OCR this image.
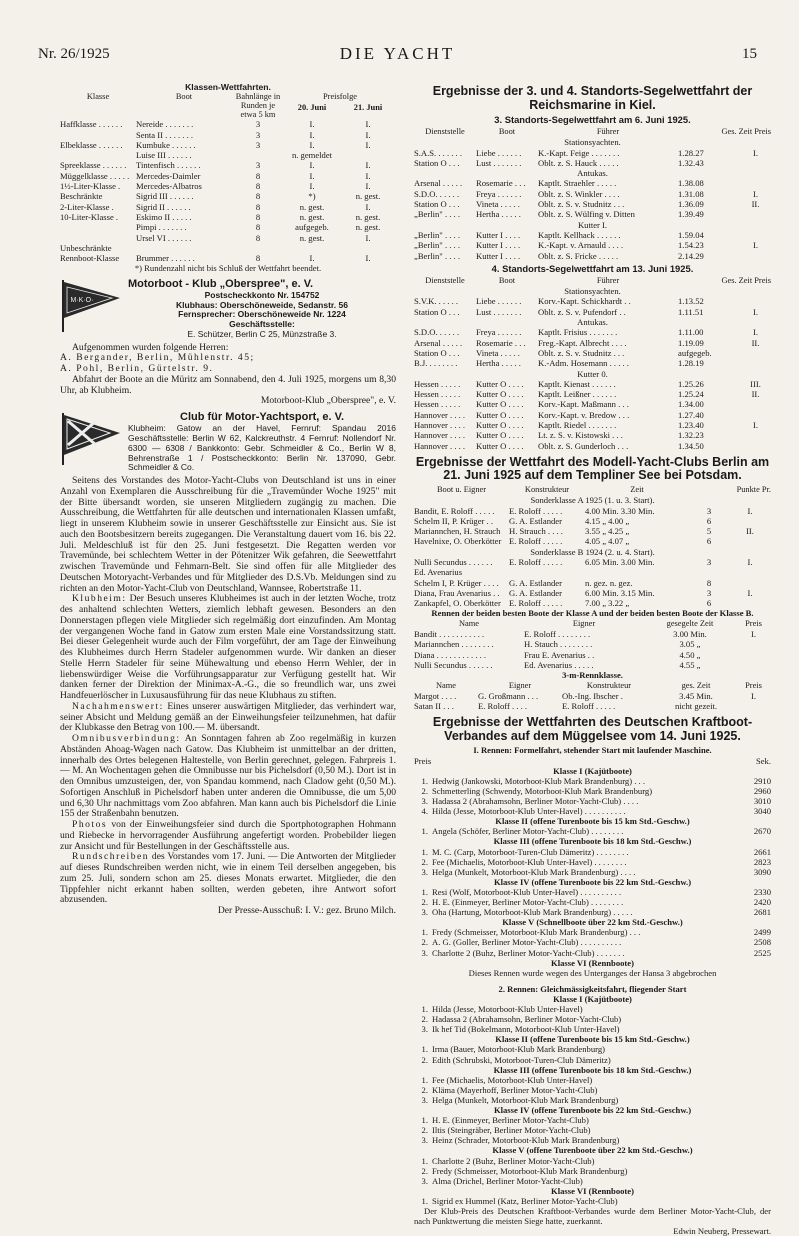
Nr. 26/1925	DIE YACHT	15
Klassen-Wettfahrten.
Klasse	Boot	Bahnlänge in Runden je etwa 5 km	Preisfolge
20. Juni 21. Juni	

Haffklasse . . . . . .	Nereide . . . . . . .	3	I.	I.
	Senta II . . . . . . .	3	I.	I.
Elbeklasse . . . . . .	Kumbuke . . . . . .	3	I.	I.
	Luise III . . . . . .		n. gemeldet	
Spreeklasse . . . . . .	Tintenfisch . . . . . .	3	I.	I.
Müggelklasse . . . . .	Mercedes-Daimler	8	I.	I.
1½-Liter-Klasse .	Mercedes-Albatros	8	I.	I.
Beschränkte	Sigrid III . . . . . .	8	*)	n. gest.
2-Liter-Klasse .	Sigrid II . . . . . .	8	n. gest.	I.
10-Liter-Klasse .	Eskimo II . . . . .	8	n. gest.	n. gest.
	Pimpi . . . . . . .	8	aufgegeb.	n. gest.
	Ursel VI . . . . . .	8	n. gest.	I.
Unbeschränkte				
Rennboot-Klasse	Brummer . . . . . .	8	I.	I.
*) Rundenzahl nicht bis Schluß der Wettfahrt beendet.
M·K·O·
Motorboot - Klub „Oberspree", e. V.
Postscheckkonto Nr. 154752
Klubhaus: Oberschöneweide, Sedanstr. 56
Fernsprecher: Oberschöneweide Nr. 1224
Geschäftsstelle:
E. Schützer, Berlin C 25, Münzstraße 3.

Aufgenommen wurden folgende Herren:

A. Bergander, Berlin, Mühlenstr. 45;

A. Pohl, Berlin, Gürtelstr. 9.

Abfahrt der Boote an die Müritz am Sonnabend, den 4. Juli 1925, morgens um 8,30 Uhr, ab Klubheim.

Motorboot-Klub „Oberspree", e. V.

Club für Motor-Yachtsport, e. V.
Klubheim: Gatow an der Havel, Fernruf: Spandau 2016 Geschäftsstelle: Berlin W 62, Kalckreuthstr. 4 Fernruf: Nollendorf Nr. 6300 — 6308 / Bankkonto: Gebr. Schmeidler & Co., Berlin W 8, Behrenstraße 1 / Postscheckkonto: Berlin Nr. 137090, Gebr. Schmeidler & Co.

Seitens des Vorstandes des Motor-Yacht-Clubs von Deutschland ist uns in einer Anzahl von Exemplaren die Ausschreibung für die „Travemünder Woche 1925" mit der Bitte übersandt worden, sie unseren Mitgliedern zugängig zu machen. Die Ausschreibung, die Wettfahrten für alle deutschen und internationalen Klassen umfaßt, liegt in unserem Klubheim sowie in unserer Geschäftsstelle zur Einsicht aus. Sie ist auch den Bootsbesitzern bereits zugegangen. Die Veranstaltung dauert vom 16. bis 22. Juli. Meldeschluß ist für den 25. Juni festgesetzt. Die Regatten werden vor Travemünde, bei schlechtem Wetter in der Pötenitzer Wik gefahren, die Seewettfahrt zwischen Travemünde und Fehmarn-Belt. Sie sind offen für alle Mitglieder des Deutschen Motoryacht-Verbandes und für Mitglieder des D.S.Vb. Meldungen sind zu richten an den Motor-Yacht-Club von Deutschland, Wannsee, Robertstraße 11.

Klubheim: Der Besuch unseres Klubheimes ist auch in der letzten Woche, trotz des anhaltend schlechten Wetters, ziemlich lebhaft gewesen. Besonders an den Donnerstagen pflegen viele Mitglieder sich regelmäßig dort einzufinden. Am Montag der vergangenen Woche fand in Gatow zum ersten Male eine Vorstandssitzung statt. Bei dieser Gelegenheit wurde auch der Film vorgeführt, der am Tage der Einweihung des Klubheimes durch Herrn Stadeler aufgenommen wurde. Wir danken an dieser Stelle Herrn Stadeler für seine Mühewaltung und ebenso Herrn Wehler, der in liebenswürdiger Weise die Vorführungsapparatur zur Verfügung gestellt hat. Wir danken ferner der Direktion der Minimax-A.-G., die so freundlich war, uns zwei Handfeuerlöscher in Luxusausführung für das neue Klubhaus zu stiften.

Nachahmenswert: Eines unserer auswärtigen Mitglieder, das verhindert war, seiner Absicht und Meldung gemäß an der Einweihungsfeier teilzunehmen, hat dafür der Klubkasse den Betrag von 100.— M. übersandt.

Omnibusverbindung: An Sonntagen fahren ab Zoo regelmäßig in kurzen Abständen Ahoag-Wagen nach Gatow. Das Klubheim ist unmittelbar an der dritten, innerhalb des Ortes belegenen Haltestelle, von Berlin gerechnet, gelegen. Fahrpreis 1.— M. An Wochentagen gehen die Omnibusse nur bis Pichelsdorf (0,50 M.). Dort ist in den Omnibus umzusteigen, der, von Spandau kommend, nach Cladow geht (0,50 M.). Sofortigen Anschluß in Pichelsdorf haben unter anderen die Omnibusse, die um 5,00 und 6,30 Uhr nachmittags vom Zoo abfahren. Man kann auch bis Pichelsdorf die Linie 155 der Straßenbahn benutzen.

Photos von der Einweihungsfeier sind durch die Sportphotographen Hohmann und Riebecke in hervorragender Ausführung angefertigt worden. Probebilder liegen zur Ansicht und für Bestellungen in der Geschäftsstelle aus.

Rundschreiben des Vorstandes vom 17. Juni. — Die Antworten der Mitglieder auf dieses Rundschreiben werden nicht, wie in einem Teil derselben angegeben, bis zum 25. Juli, sondern schon am 25. dieses Monats erwartet. Mitglieder, die den Tippfehler nicht erkannt haben sollten, werden gebeten, ihre Antwort sofort abzusenden.

Der Presse-Ausschuß: I. V.: gez. Bruno Milch.

Ergebnisse der 3. und 4. Standorts-Segelwettfahrt der Reichsmarine in Kiel.
3. Standorts-Segelwettfahrt am 6. Juni 1925.
Dienststelle	Boot	Führer	Ges. Zeit Preis	
Stationsyachten.				
S.A.S. . . . . . .	Liebe . . . . . .	K.-Kapt. Feige . . . . . . .	1.28.27	I.
Station O . . .	Lust . . . . . . .	Oblt. z. S. Hauck . . . . .	1.32.43	
Antukas.				
Arsenal . . . . .	Rosemarie . . .	Kaptlt. Straehler . . . . .	1.38.08	
S.D.O. . . . . .	Freya . . . . . .	Oblt. z. S. Winkler . . . .	1.31.08	I.
Station O . . .	Vineta . . . . .	Oblt. z. S. v. Studnitz . . .	1.36.09	II.
„Berlin" . . . .	Hertha . . . . .	Oblt. z. S. Wülfing v. Ditten	1.39.49	
Kutter I.				
„Berlin" . . . .	Kutter I . . . .	Kaptlt. Kellhack . . . . . .	1.59.04	
„Berlin" . . . .	Kutter I . . . .	K.-Kapt. v. Arnauld . . . .	1.54.23	I.
„Berlin" . . . .	Kutter I . . . .	Oblt. z. S. Fricke . . . . .	2.14.29	
4. Standorts-Segelwettfahrt am 13. Juni 1925.
Dienststelle	Boot	Führer	Ges. Zeit Preis	
Stationsyachten.				
S.V.K. . . . . .	Liebe . . . . . .	Korv.-Kapt. Schickhardt . .	1.13.52	
Station O . . .	Lust . . . . . . .	Oblt. z. S. v. Pufendorf . .	1.11.51	I.
Antukas.				
S.D.O. . . . . .	Freya . . . . . .	Kaptlt. Frisius . . . . . . .	1.11.00	I.
Arsenal . . . . .	Rosemarie . . .	Freg.-Kapt. Albrecht . . . .	1.19.09	II.
Station O . . .	Vineta . . . . .	Oblt. z. S. v. Studnitz . . .	aufgegeb.	
B.J. . . . . . . .	Hertha . . . . .	K.-Adm. Hosemann . . . . .	1.28.19	
Kutter 0.				
Hessen . . . . .	Kutter O . . . .	Kaptlt. Kienast . . . . . .	1.25.26	III.
Hessen . . . . .	Kutter O . . . .	Kaptlt. Leißner . . . . . .	1.25.24	II.
Hessen . . . . .	Kutter O . . . .	Korv.-Kapt. Maßmann . . .	1.34.00	
Hannover . . . .	Kutter O . . . .	Korv.-Kapt. v. Bredow . . .	1.27.40	
Hannover . . . .	Kutter O . . . .	Kaptlt. Riedel . . . . . . .	1.23.40	I.
Hannover . . . .	Kutter O . . . .	Lt. z. S. v. Kistowski . . .	1.32.23	
Hannover . . . .	Kutter O . . . .	Oblt. z. S. Gunderloch . . .	1.34.50	
Ergebnisse der Wettfahrt des Modell-Yacht-Clubs Berlin am 21. Juni 1925 auf dem Templiner See bei Potsdam.
Boot u. Eigner	Konstrukteur	Zeit	Punkte Pr.	
Sonderklasse A 1925 (1. u. 3. Start).				
Bandit, E. Roloff . . . . .	E. Roloff . . . . .	4.00 Min. 3.30 Min.	3	I.
Schelm II, P. Krüger . .	G. A. Estlander	4.15 „ 4.00 „	6	
Mariannchen, H. Strauch	H. Strauch . . . .	3.55 „ 4.25 „	5	II.
Havelnixe, O. Oberkötter	E. Roloff . . . . .	4.05 „ 4.07 „	6	
Sonderklasse B 1924 (2. u. 4. Start).				
Nulli Secundus . . . . . .	E. Roloff . . . . .	6.05 Min. 3.00 Min.	3	I.
Ed. Avenarius				
Schelm I, P. Krüger . . . .	G. A. Estlander	n. gez. n. gez.	8	
Diana, Frau Avenarius . .	G. A. Estlander	6.00 Min. 3.15 Min.	3	I.
Zankapfel, O. Oberkötter	E. Roloff . . . . .	7.00 „ 3.22 „	6	
Rennen der beiden besten Boote der Klasse A und der beiden besten Boote der Klasse B.
Name	Eigner	gesegelte Zeit	Preis
Bandit . . . . . . . . . . .	E. Roloff . . . . . . . .	3.00 Min.	I.
Mariannchen . . . . . . . .	H. Stauch . . . . . . . .	3.05 „	
Diana . . . . . . . . . . . .	Frau E. Avenarius . .	4.50 „	
Nulli Secundus . . . . . .	Ed. Avenarius . . . . .	4.55 „	
3-m-Rennklasse.
Name	Eigner	Konstrukteur	ges. Zeit	Preis
Margot . . . .	G. Großmann . . .	Ob.-Ing. Ibscher .	3.45 Min.	I.
Satan II . . .	E. Roloff . . . .	E. Roloff . . . . .	nicht gezeit.	
Ergebnisse der Wettfahrten des Deutschen Kraftboot-Verbandes auf dem Müggelsee vom 14. Juni 1925.
I. Rennen: Formelfahrt, stehender Start mit laufender Maschine.
Preis	Sek.
Klasse I (Kajütboote)
1. Hedwig (Jankowski, Motorboot-Klub Mark Brandenburg) . . .	2910
2. Schmetterling (Schwendy, Motorboot-Klub Mark Brandenburg)	2960
3. Hadassa 2 (Abrahamsohn, Berliner Motor-Yacht-Club) . . . .	3010
4. Hilda (Jesse, Motorboot-Klub Unter-Havel) . . . . . . . . . .	3040
Klasse II (offene Turenboote bis 15 km Std.-Geschw.)
1. Angela (Schöfer, Berliner Motor-Yacht-Club) . . . . . . . .	2670
Klasse III (offene Turenboote bis 18 km Std.-Geschw.)
1. M. C. (Carp, Motorboot-Turen-Club Dämeritz) . . . . . . . .	2661
2. Fee (Michaelis, Motorboot-Klub Unter-Havel) . . . . . . . .	2823
3. Helga (Munkelt, Motorboot-Klub Mark Brandenburg) . . . .	3090
Klasse IV (offene Turenboote bis 22 km Std.-Geschw.)
1. Resi (Wolf, Motorboot-Klub Unter-Havel) . . . . . . . . . .	2330
2. H. E. (Einmeyer, Berliner Motor-Yacht-Club) . . . . . . . .	2420
3. Oha (Hartung, Motorboot-Klub Mark Brandenburg) . . . . .	2681
Klasse V (Schnellboote über 22 km Std.-Geschw.)
1. Fredy (Schmeisser, Motorboot-Klub Mark Brandenburg) . . .	2499
2. A. G. (Goller, Berliner Motor-Yacht-Club) . . . . . . . . . .	2508
3. Charlotte 2 (Buhz, Berliner Motor-Yacht-Club) . . . . . . .	2525
Klasse VI (Rennboote)
Dieses Rennen wurde wegen des Unterganges der Hansa 3 abgebrochen
2. Rennen: Gleichmässigkeitsfahrt, fliegender Start
Klasse I (Kajütboote)
1. Hilda (Jesse, Motorboot-Klub Unter-Havel)
2. Hadassa 2 (Abrahamsohn, Berliner Motor-Yacht-Club)
3. Ik hef Tid (Bokelmann, Motorboot-Klub Unter-Havel)
Klasse II (offene Turenboote bis 15 km Std.-Geschw.)
1. Irma (Bauer, Motorboot-Klub Mark Brandenburg)
2. Edith (Schrubski, Motorboot-Turen-Club Dämeritz)
Klasse III (offene Turenboote bis 18 km Std.-Geschw.)
1. Fee (Michaelis, Motorboot-Klub Unter-Havel)
2. Kläma (Mayerhoff, Berliner Motor-Yacht-Club)
3. Helga (Munkelt, Motorboot-Klub Mark Brandenburg)
Klasse IV (offene Turenboote bis 22 km Std.-Geschw.)
1. H. E. (Einmeyer, Berliner Motor-Yacht-Club)
2. Iltis (Steingräber, Berliner Motor-Yacht-Club)
3. Heinz (Schrader, Motorboot-Klub Mark Brandenburg)
Klasse V (offene Turenboote über 22 km Std.-Geschw.)
1. Charlotte 2 (Buhz, Berliner Motor-Yacht-Club)
2. Fredy (Schmeisser, Motorboot-Klub Mark Brandenburg)
3. Alma (Drichel, Berliner Motor-Yacht-Club)
Klasse VI (Rennboote)
1. Sigrid ex Hummel (Katz, Berliner Motor-Yacht-Club)
Der Klub-Preis des Deutschen Kraftboot-Verbandes wurde dem Berliner Motor-Yacht-Club, der nach Punktwertung die meisten Siege hatte, zuerkannt.
Edwin Neuberg, Pressewart.
